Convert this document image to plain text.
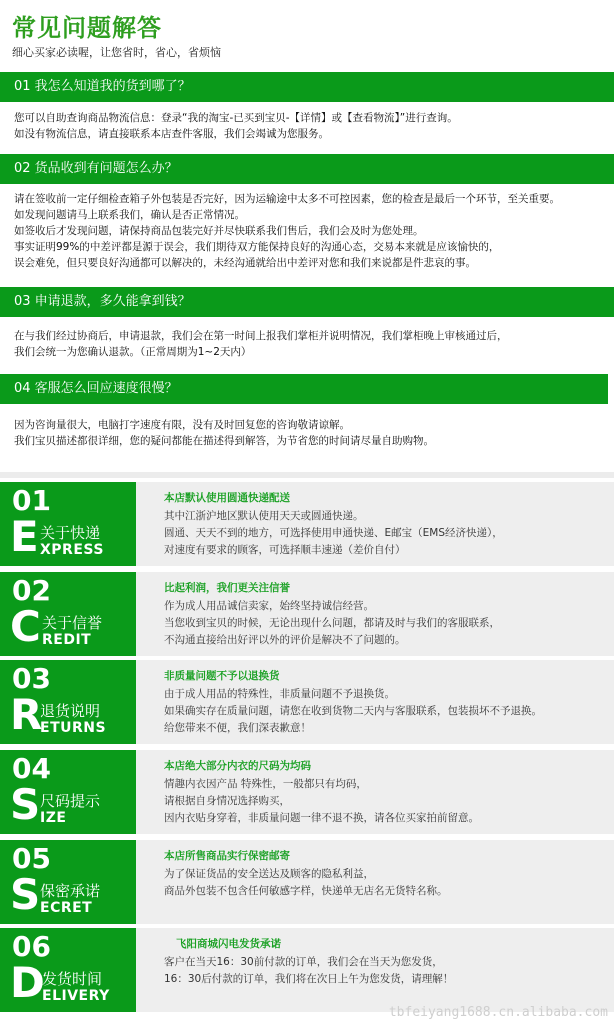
常见问题解答
细心买家必读喔，让您省时，省心，省烦恼
01 我怎么知道我的货到哪了？
您可以自助查询商品物流信息：登录“我的淘宝-已买到宝贝-【详情】或【查看物流】”进行查询。
如没有物流信息，请直接联系本店查件客服，我们会竭诚为您服务。
02 货品收到有问题怎么办？
请在签收前一定仔细检查箱子外包装是否完好，因为运输途中太多不可控因素，您的检查是最后一个环节，至关重要。
如发现问题请马上联系我们，确认是否正常情况。
如签收后才发现问题，请保持商品包装完好并尽快联系我们售后，我们会及时为您处理。
事实证明99%的中差评都是源于误会，我们期待双方能保持良好的沟通心态，交易本来就是应该愉快的，
误会难免，但只要良好沟通都可以解决的，未经沟通就给出中差评对您和我们来说都是件悲哀的事。
03 申请退款，多久能拿到钱？
在与我们经过协商后，申请退款，我们会在第一时间上报我们掌柜并说明情况，我们掌柜晚上审核通过后，
我们会统一为您确认退款。（正常周期为1~2天内）
04 客服怎么回应速度很慢？
因为咨询量很大，电脑打字速度有限，没有及时回复您的咨询敬请谅解。
我们宝贝描述都很详细，您的疑问都能在描述得到解答，为节省您的时间请尽量自助购物。
01
E 关于快递
XPRESS
本店默认使用圆通快递配送
其中江浙沪地区默认使用天天或圆通快递。
圆通、天天不到的地方，可选择使用申通快递、E邮宝（EMS经济快递），
对速度有要求的顾客，可选择顺丰速递（差价自付）
02
C 关于信誉
REDIT
比起利润，我们更关注信誉
作为成人用品诚信卖家，始终坚持诚信经营。
当您收到宝贝的时候，无论出现什么问题，都请及时与我们的客服联系，
不沟通直接给出好评以外的评价是解决不了问题的。
03
R
退货说明
ETURNS
非质量问题不予以退换货
由于成人用品的特殊性，非质量问题不予退换货。
如果确实存在质量问题，请您在收到货物二天内与客服联系，包装损坏不予退换。
给您带来不便，我们深表歉意！
04
S 尺码提示
IZE
本店绝大部分内衣的尺码为均码
情趣内衣因产品 特殊性，一般都只有均码，
请根据自身情况选择购买，
因内衣贴身穿着，非质量问题一律不退不换，请各位买家拍前留意。
05
S 保密承诺
ECRET
本店所售商品实行保密邮寄
为了保证货品的安全送达及顾客的隐私利益，
商品外包装不包含任何敏感字样，快递单无店名无货特名称。
06
D
发货时间
ELIVERY
飞阳商城闪电发货承诺
客户在当天16：30前付款的订单，我们会在当天为您发货，
16：30后付款的订单，我们将在次日上午为您发货，请理解！
tbfeiyang1688.cn.alibaba.com
